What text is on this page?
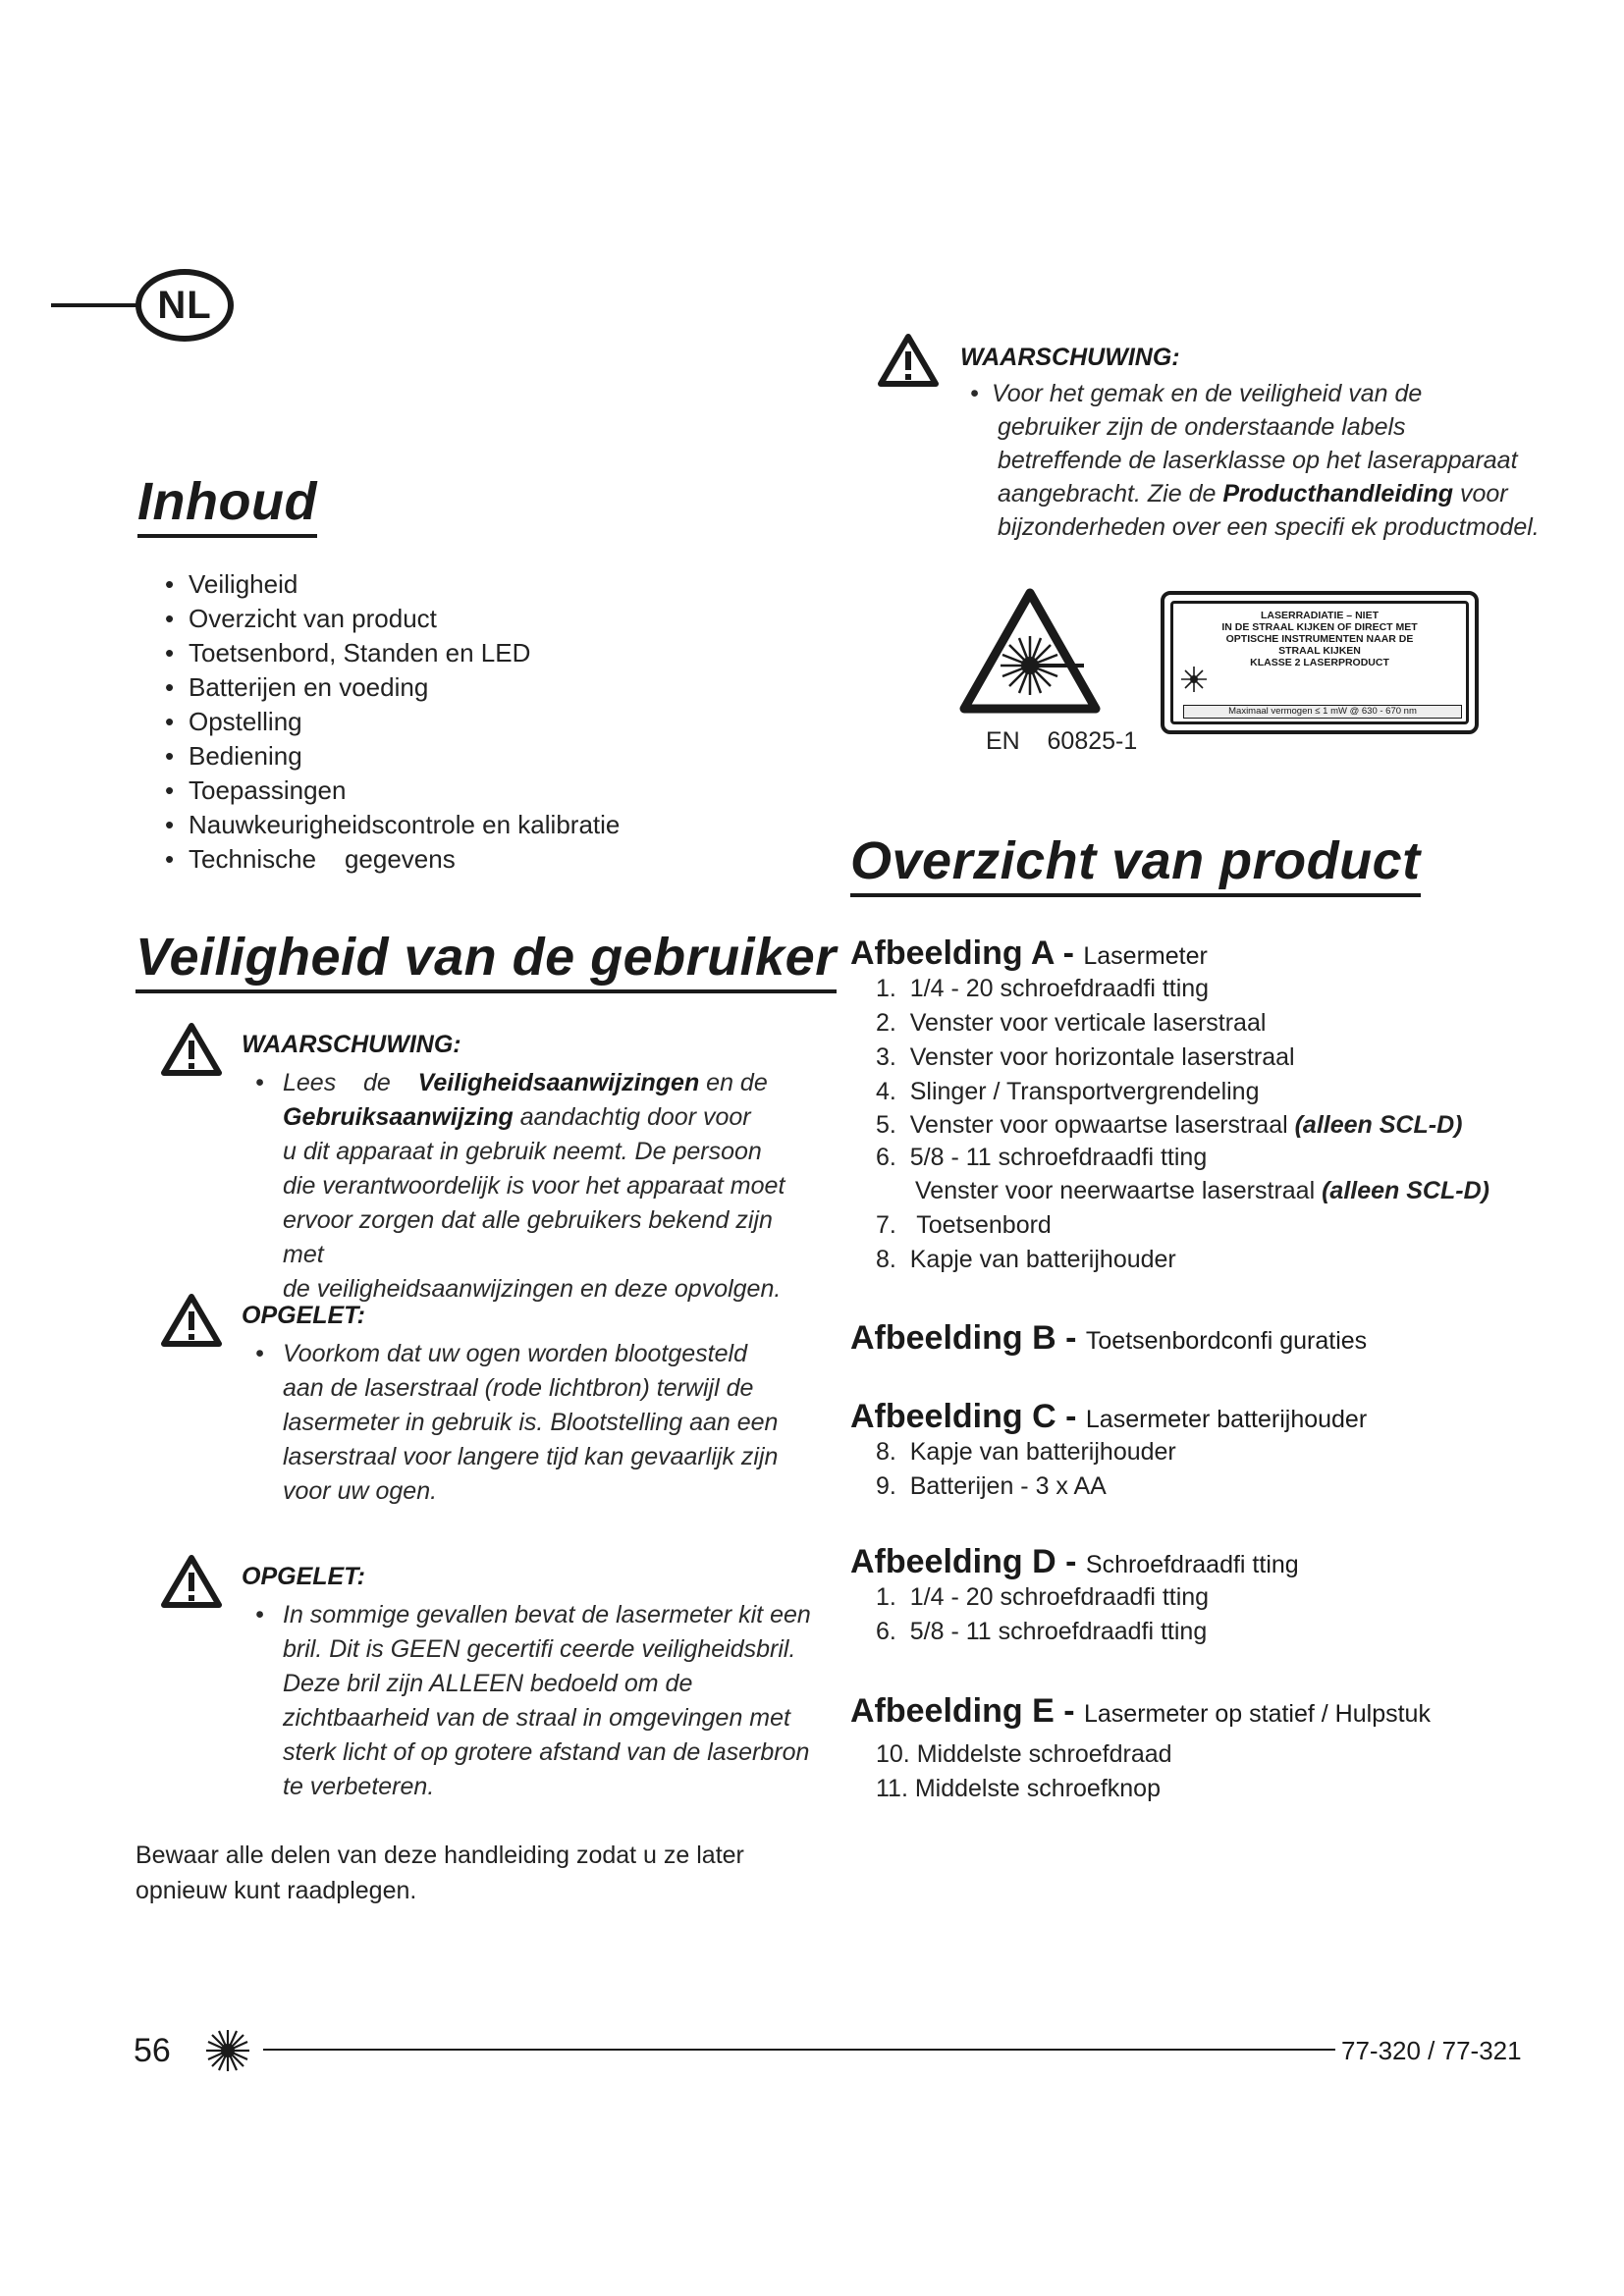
NL
Inhoud
• Veiligheid
• Overzicht van product
• Toetsenbord, Standen en LED
• Batterijen en voeding
• Opstelling
• Bediening
• Toepassingen
• Nauwkeurigheidscontrole en kalibratie
• Technische    gegevens
Veiligheid van de gebruiker
WAARSCHUWING:
• Lees    de    Veiligheidsaanwijzingen en de
Gebruiksaanwijzing aandachtig door voor
u dit apparaat in gebruik neemt. De persoon
die verantwoordelijk is voor het apparaat moet
ervoor zorgen dat alle gebruikers bekend zijn met
de veiligheidsaanwijzingen en deze opvolgen.
OPGELET:
• Voorkom dat uw ogen worden blootgesteld
aan de laserstraal (rode lichtbron) terwijl de
lasermeter in gebruik is. Blootstelling aan een
laserstraal voor langere tijd kan gevaarlijk zijn
voor uw ogen.
OPGELET:
• In sommige gevallen bevat de lasermeter kit een
bril. Dit is GEEN gecertifi ceerde veiligheidsbril.
Deze bril zijn ALLEEN bedoeld om de
zichtbaarheid van de straal in omgevingen met
sterk licht of op grotere afstand van de laserbron
te verbeteren.
Bewaar alle delen van deze handleiding zodat u ze later
opnieuw kunt raadplegen.
WAARSCHUWING:
• Voor het gemak en de veiligheid van de
gebruiker zijn de onderstaande labels
betreffende de laserklasse op het laserapparaat
aangebracht. Zie de Producthandleiding voor
bijzonderheden over een specifi ek productmodel.
LASERRADIATIE – NIET
IN DE STRAAL KIJKEN OF DIRECT MET
OPTISCHE INSTRUMENTEN NAAR DE
STRAAL KIJKEN
KLASSE 2 LASERPRODUCT
Maximaal vermogen ≤ 1 mW @ 630 - 670 nm
EN    60825-1
Overzicht van product
Afbeelding A - Lasermeter
1.  1/4 - 20 schroefdraadfi tting
2.  Venster voor verticale laserstraal
3.  Venster voor horizontale laserstraal
4.  Slinger / Transportvergrendeling
5.  Venster voor opwaartse laserstraal (alleen SCL-D)
6.  5/8 - 11 schroefdraadfi tting
Venster voor neerwaartse laserstraal (alleen SCL-D)
7.   Toetsenbord
8.  Kapje van batterijhouder
Afbeelding B - Toetsenbordconfi guraties
Afbeelding C - Lasermeter batterijhouder
8.  Kapje van batterijhouder
9.  Batterijen - 3 x AA
Afbeelding D - Schroefdraadfi tting
1.  1/4 - 20 schroefdraadfi tting
6.  5/8 - 11 schroefdraadfi tting
Afbeelding E - Lasermeter op statief / Hulpstuk
10. Middelste schroefdraad
11. Middelste schroefknop
56	77-320 / 77-321
